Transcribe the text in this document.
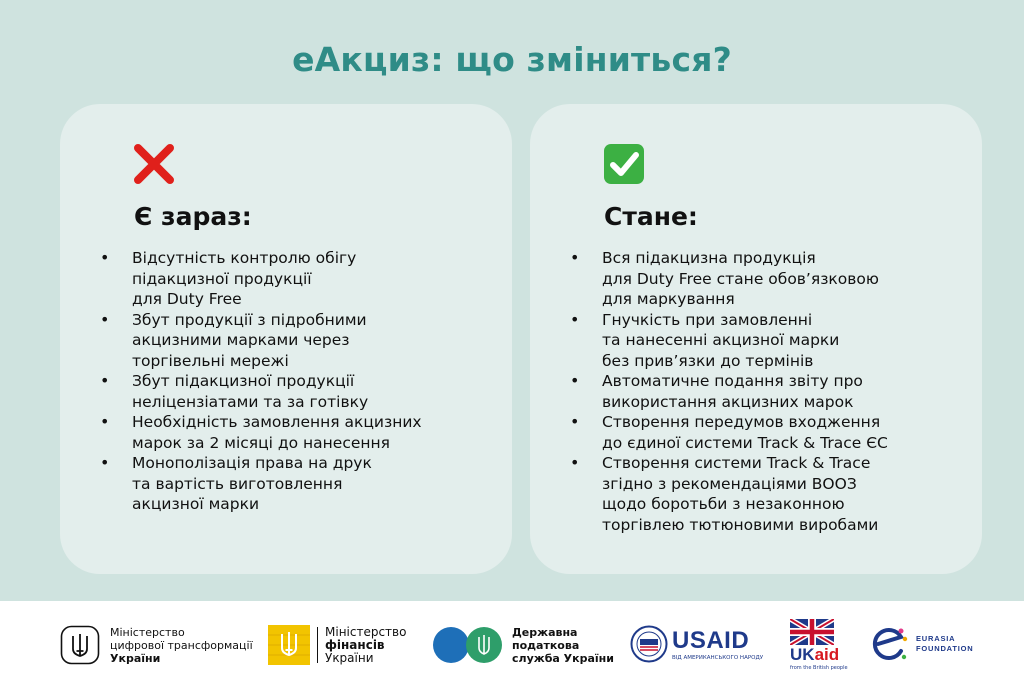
еАкциз: що зміниться?
Є зараз:
• Відсутність контролю обігу
підакцизної продукції
для Duty Free
• Збут продукції з підробними
акцизними марками через
торгівельні мережі
• Збут підакцизної продукції
неліцензіатами та за готівку
• Необхідність замовлення акцизних
марок за 2 місяці до нанесення
• Монополізація права на друк
та вартість виготовлення
акцизної марки
Стане:
• Вся підакцизна продукція
для Duty Free стане обов’язковою
для маркування
• Гнучкість при замовленні
та нанесенні акцизної марки
без прив’язки до термінів
• Автоматичне подання звіту про
використання акцизних марок
• Створення передумов входження
до єдиної системи Track & Trace ЄС
• Створення системи Track & Trace
згідно з рекомендаціями ВООЗ
щодо боротьби з незаконною
торгівлею тютюновими виробами
Міністерство
цифрової трансформації
України
Міністерство
фінансів
України
Державна
податкова
служба України
USAID
ВІД АМЕРИКАНСЬКОГО НАРОДУ UKaid
from the British people
EURASIA
FOUNDATION
